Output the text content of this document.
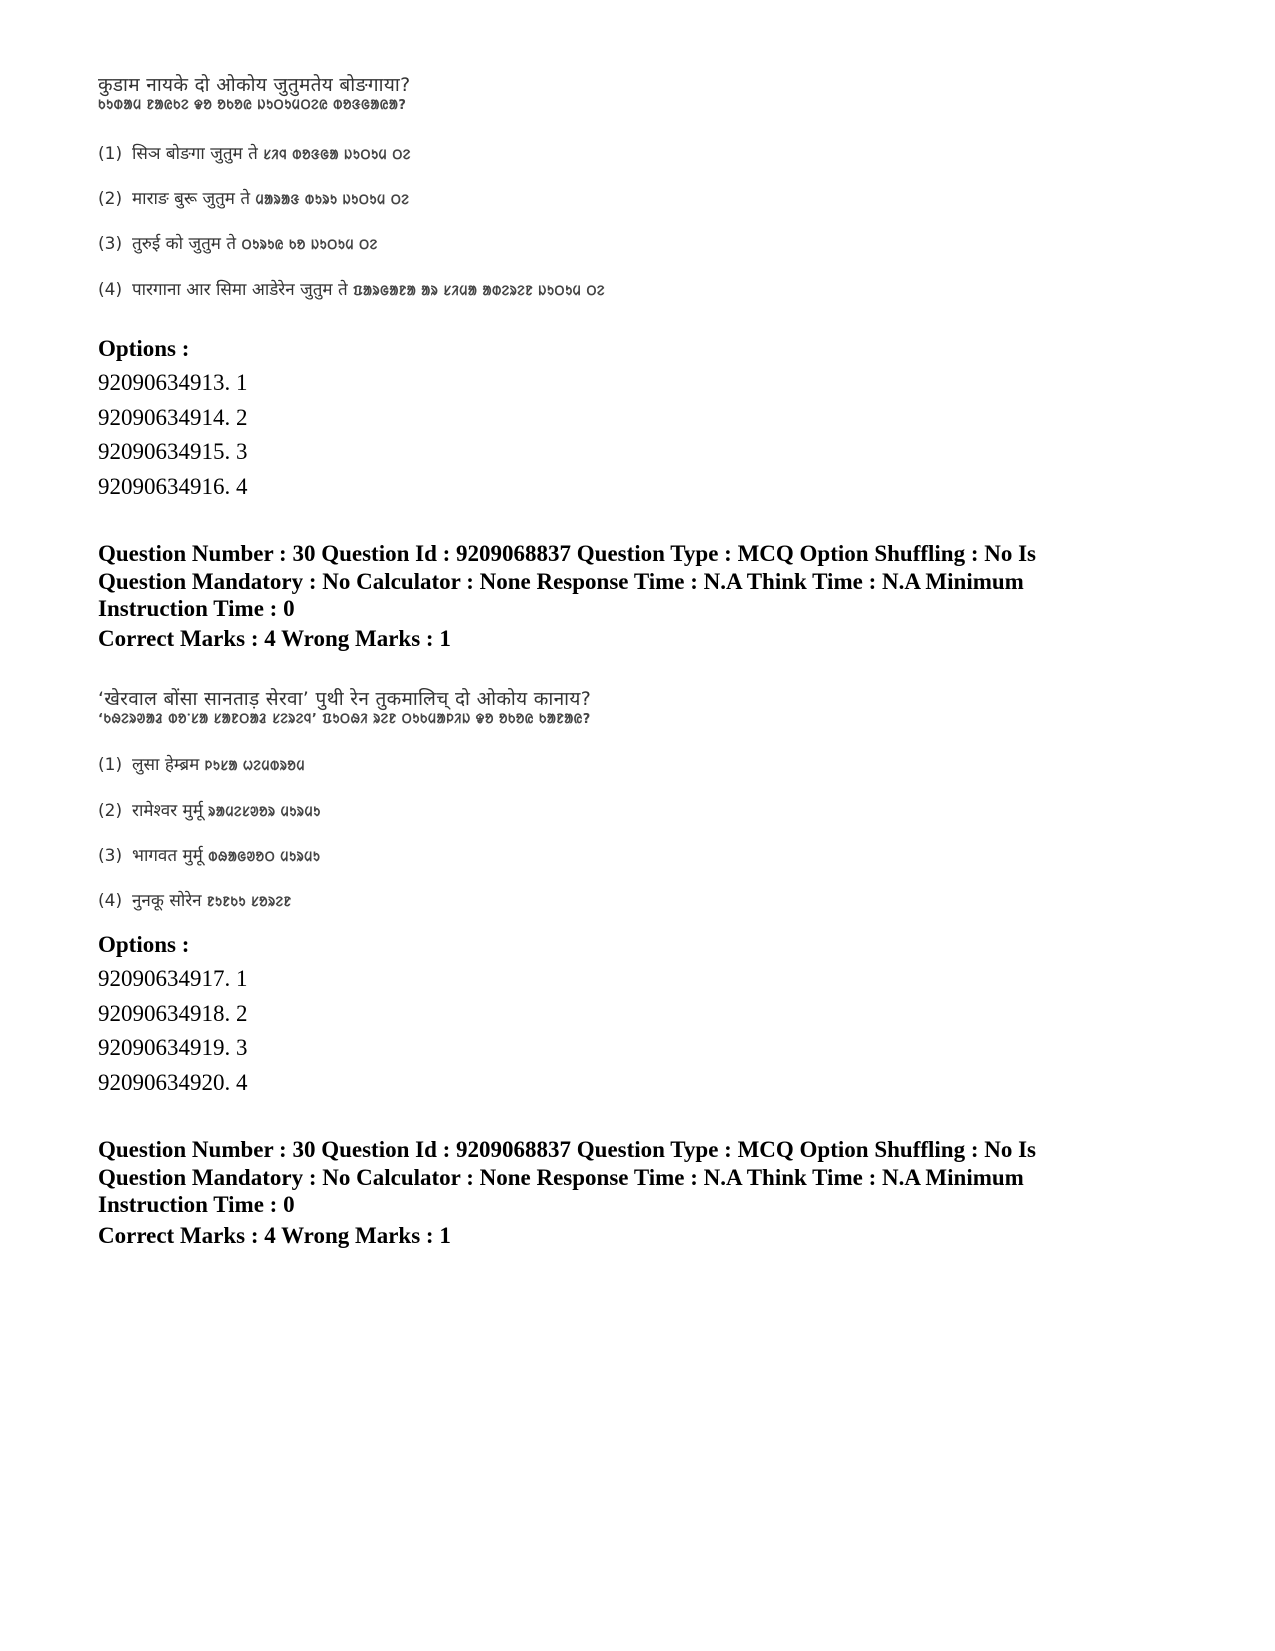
कुडाम नायके दो ओकोय जुतुमतेय बोङगाया?
ᱠᱩᱰᱟᱢ ᱱᱟᱭᱠᱮ ᱫᱚ ᱚᱠᱚᱭ ᱡᱩᱛᱩᱢᱛᱮᱭ ᱵᱚᱝᱜᱟᱭᱟ?
(1) सिञ बोङगा जुतुम ते ᱥᱤᱧ ᱵᱚᱝᱜᱟ ᱡᱩᱛᱩᱢ ᱛᱮ
(2) माराङ बुरू जुतुम ते ᱢᱟᱨᱟᱝ ᱵᱩᱨᱩ ᱡᱩᱛᱩᱢ ᱛᱮ
(3) तुरुई को जुतुम ते ᱛᱩᱨᱩᱭ ᱠᱚ ᱡᱩᱛᱩᱢ ᱛᱮ
(4) पारगाना आर सिमा आडेरेन जुतुम ते ᱯᱟᱨᱜᱟᱱᱟ ᱟᱨ ᱥᱤᱢᱟ ᱟᱰᱮᱨᱮᱱ ᱡᱩᱛᱩᱢ ᱛᱮ
Options :
92090634913. 1
92090634914. 2
92090634915. 3
92090634916. 4
Question Number : 30 Question Id : 9209068837 Question Type : MCQ Option Shuffling : No Is
Question Mandatory : No Calculator : None Response Time : N.A Think Time : N.A Minimum
Instruction Time : 0
Correct Marks : 4 Wrong Marks : 1
‘खेरवाल बोंसा सानताड़ सेरवा’ पुथी रेन तुकमालिच् दो ओकोय कानाय?
‘ᱠᱷᱮᱨᱣᱟᱲ ᱵᱚᱸᱥᱟ ᱥᱟᱱᱛᱟᱲ ᱥᱮᱨᱮᱧ’ ᱯᱩᱛᱷᱤ ᱨᱮᱱ ᱛᱩᱠᱢᱟᱞᱤᱡ ᱫᱚ ᱚᱠᱚᱭ ᱠᱟᱱᱟᱭ?
(1) लुसा हेम्ब्रम ᱞᱩᱥᱟ ᱦᱮᱢᱵᱨᱚᱢ
(2) रामेश्वर मुर्मू ᱨᱟᱢᱮᱥᱣᱚᱨ ᱢᱩᱨᱢᱩ
(3) भागवत मुर्मू ᱵᱷᱟᱜᱣᱚᱛ ᱢᱩᱨᱢᱩ
(4) नुनकू सोरेन ᱱᱩᱱᱠᱩ ᱥᱚᱨᱮᱱ
Options :
92090634917. 1
92090634918. 2
92090634919. 3
92090634920. 4
Question Number : 30 Question Id : 9209068837 Question Type : MCQ Option Shuffling : No Is
Question Mandatory : No Calculator : None Response Time : N.A Think Time : N.A Minimum
Instruction Time : 0
Correct Marks : 4 Wrong Marks : 1
